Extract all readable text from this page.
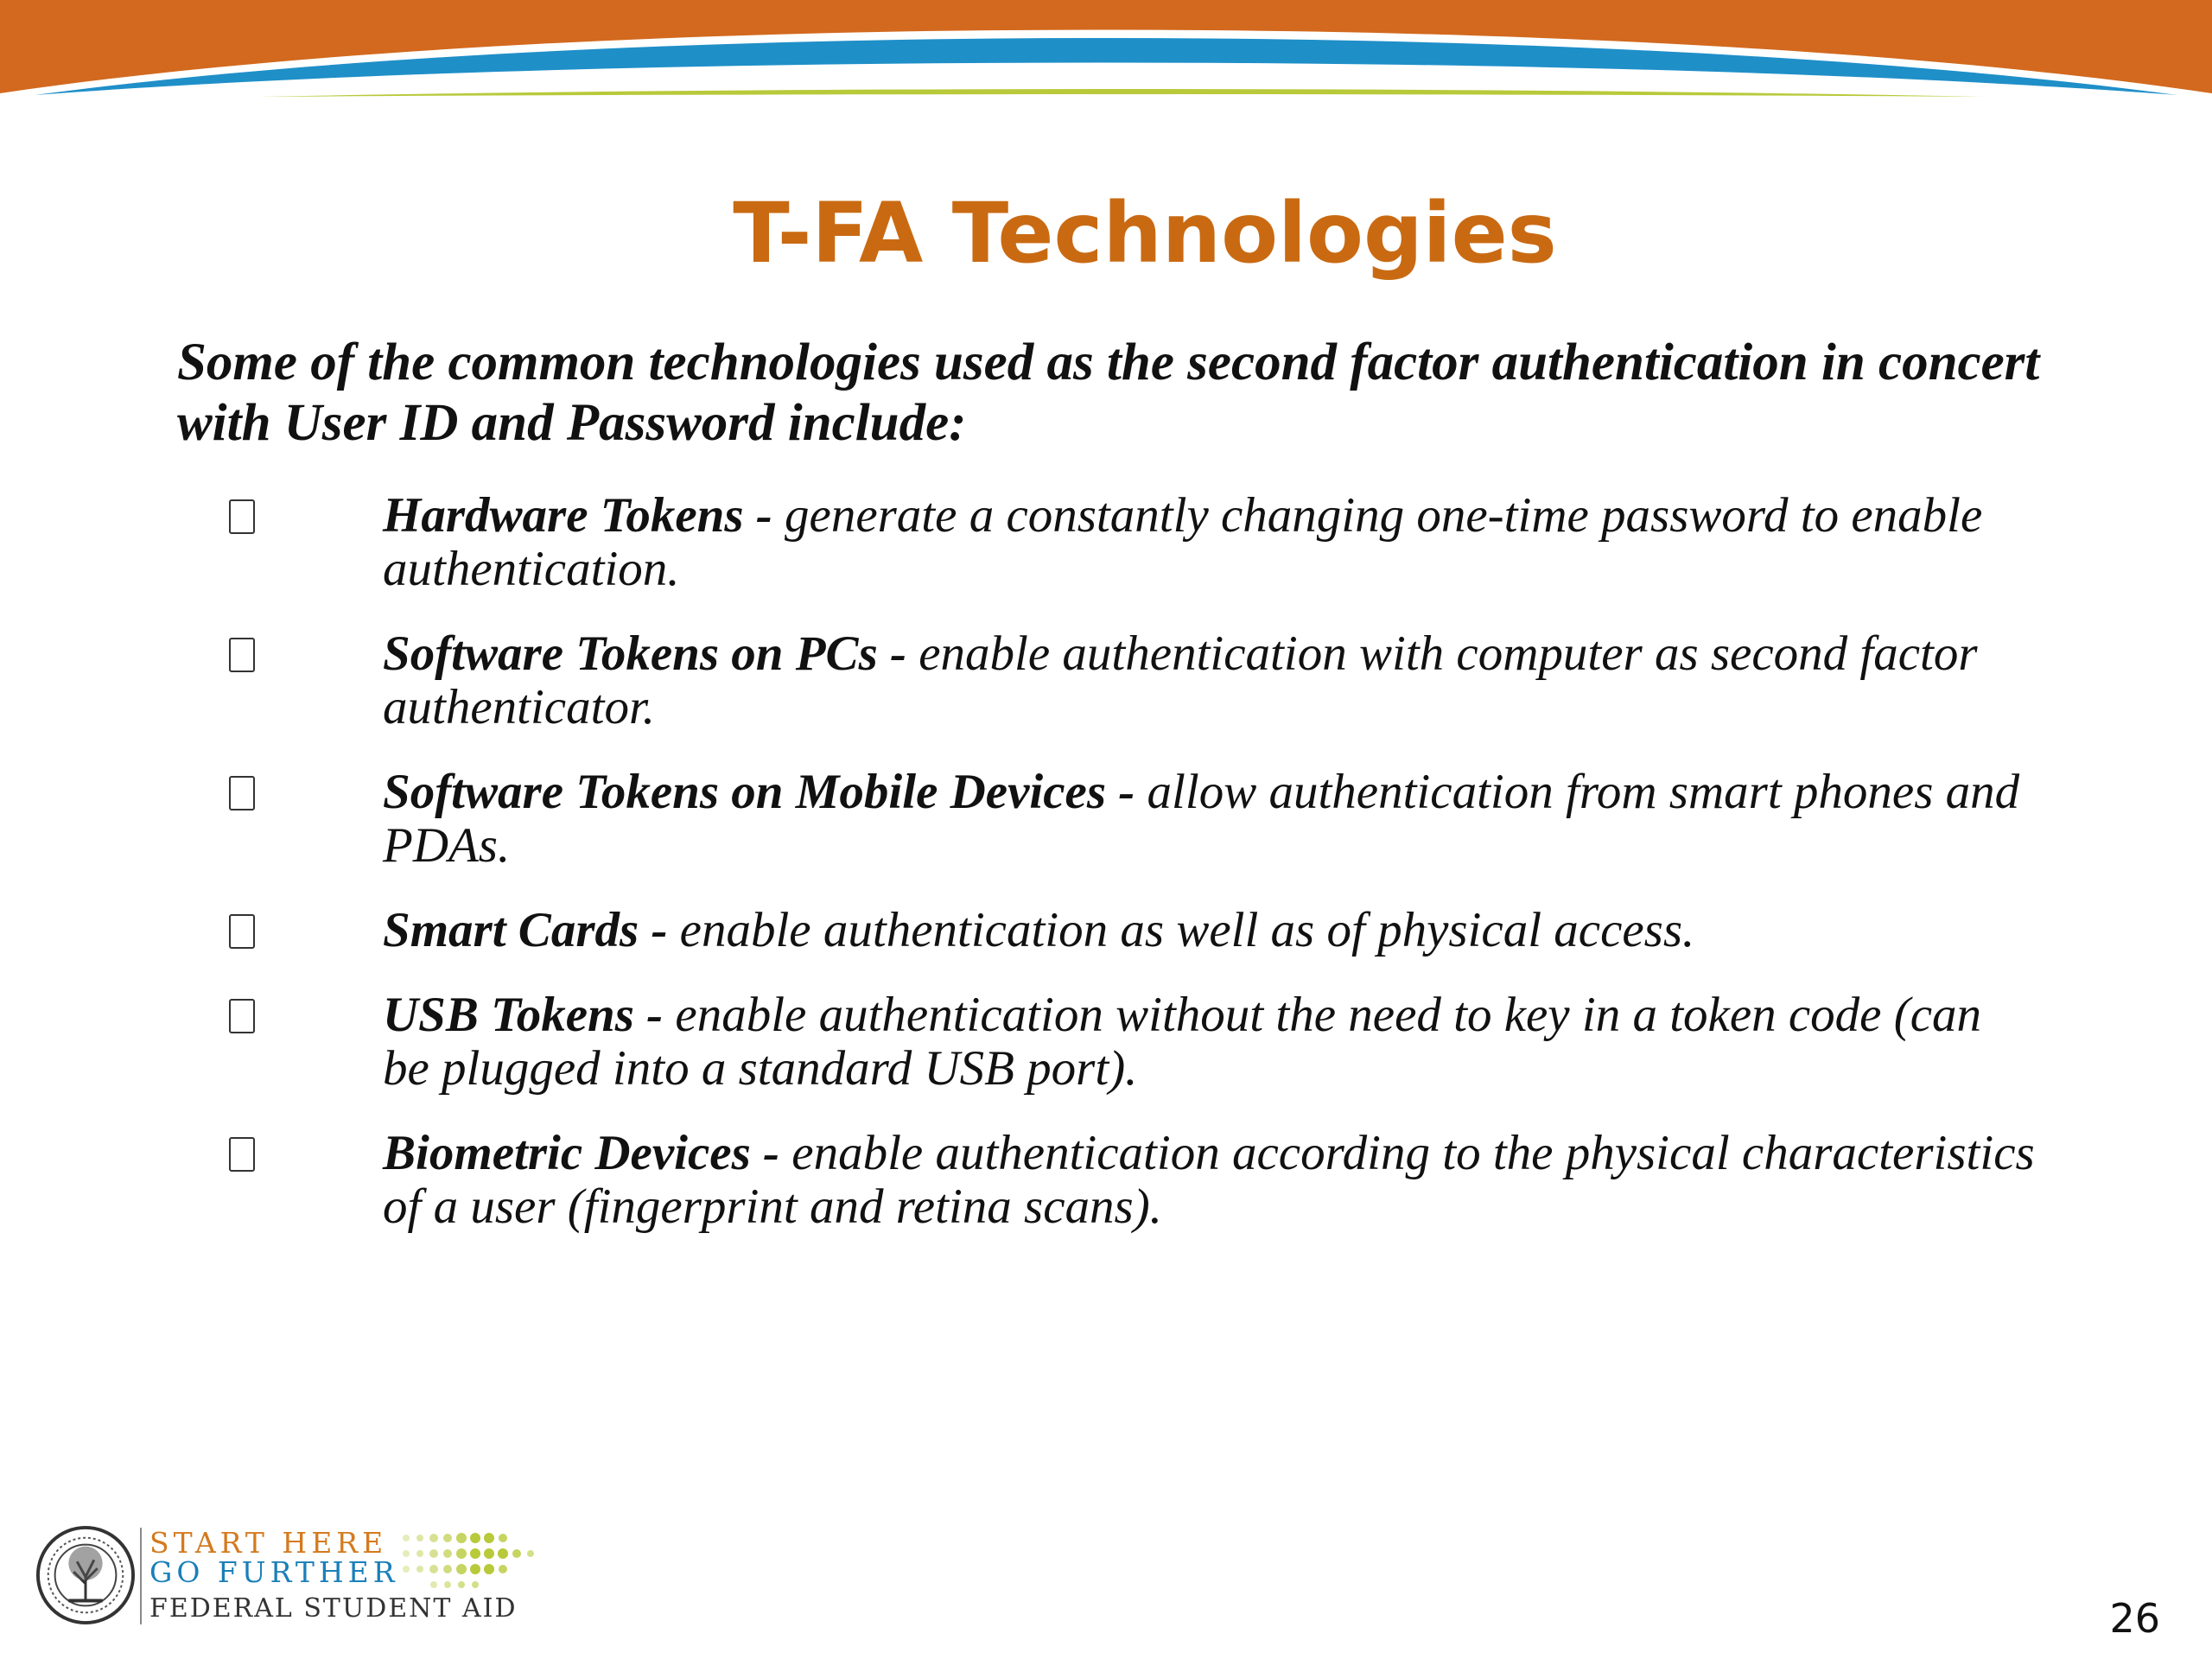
T-FA Technologies

Some of the common technologies used as the second factor authentication in concert with User ID and Password include:

Hardware Tokens - generate a constantly changing one-time password to enable authentication.
Software Tokens on PCs - enable authentication with computer as second factor authenticator.
Software Tokens on Mobile Devices - allow authentication from smart phones and PDAs.
Smart Cards - enable authentication as well as of physical access.
USB Tokens - enable authentication without the need to key in a token code (can be plugged into a standard USB port).
Biometric Devices - enable authentication according to the physical characteristics of a user (fingerprint and retina scans).

START HERE

GO FURTHER

FEDERAL STUDENT AID	26
